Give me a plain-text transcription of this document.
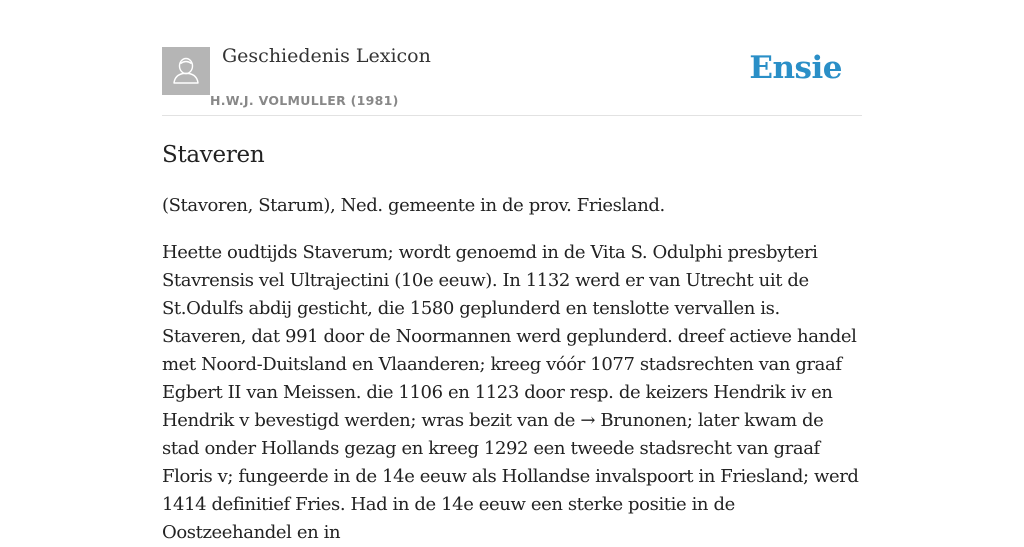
Geschiedenis Lexicon
H.W.J. VOLMULLER (1981)
Ensie
Staveren

(Stavoren, Starum), Ned. gemeente in de prov. Friesland.

Heette oudtijds Staverum; wordt genoemd in de Vita S. Odulphi presbyteri Stavrensis vel Ultrajectini (10e eeuw). In 1132 werd er van Utrecht uit de St.Odulfs abdij gesticht, die 1580 geplunderd en tenslotte vervallen is. Staveren, dat 991 door de Noormannen werd geplunderd. dreef actieve handel met Noord-Duitsland en Vlaanderen; kreeg vóór 1077 stadsrechten van graaf Egbert II van Meissen. die 1106 en 1123 door resp. de keizers Hendrik iv en Hendrik v bevestigd werden; wras bezit van de → Brunonen; later kwam de stad onder Hollands gezag en kreeg 1292 een tweede stadsrecht van graaf Floris v; fungeerde in de 14e eeuw als Hollandse invalspoort in Friesland; werd 1414 definitief Fries. Had in de 14e eeuw een sterke positie in de Oostzeehandel en in
